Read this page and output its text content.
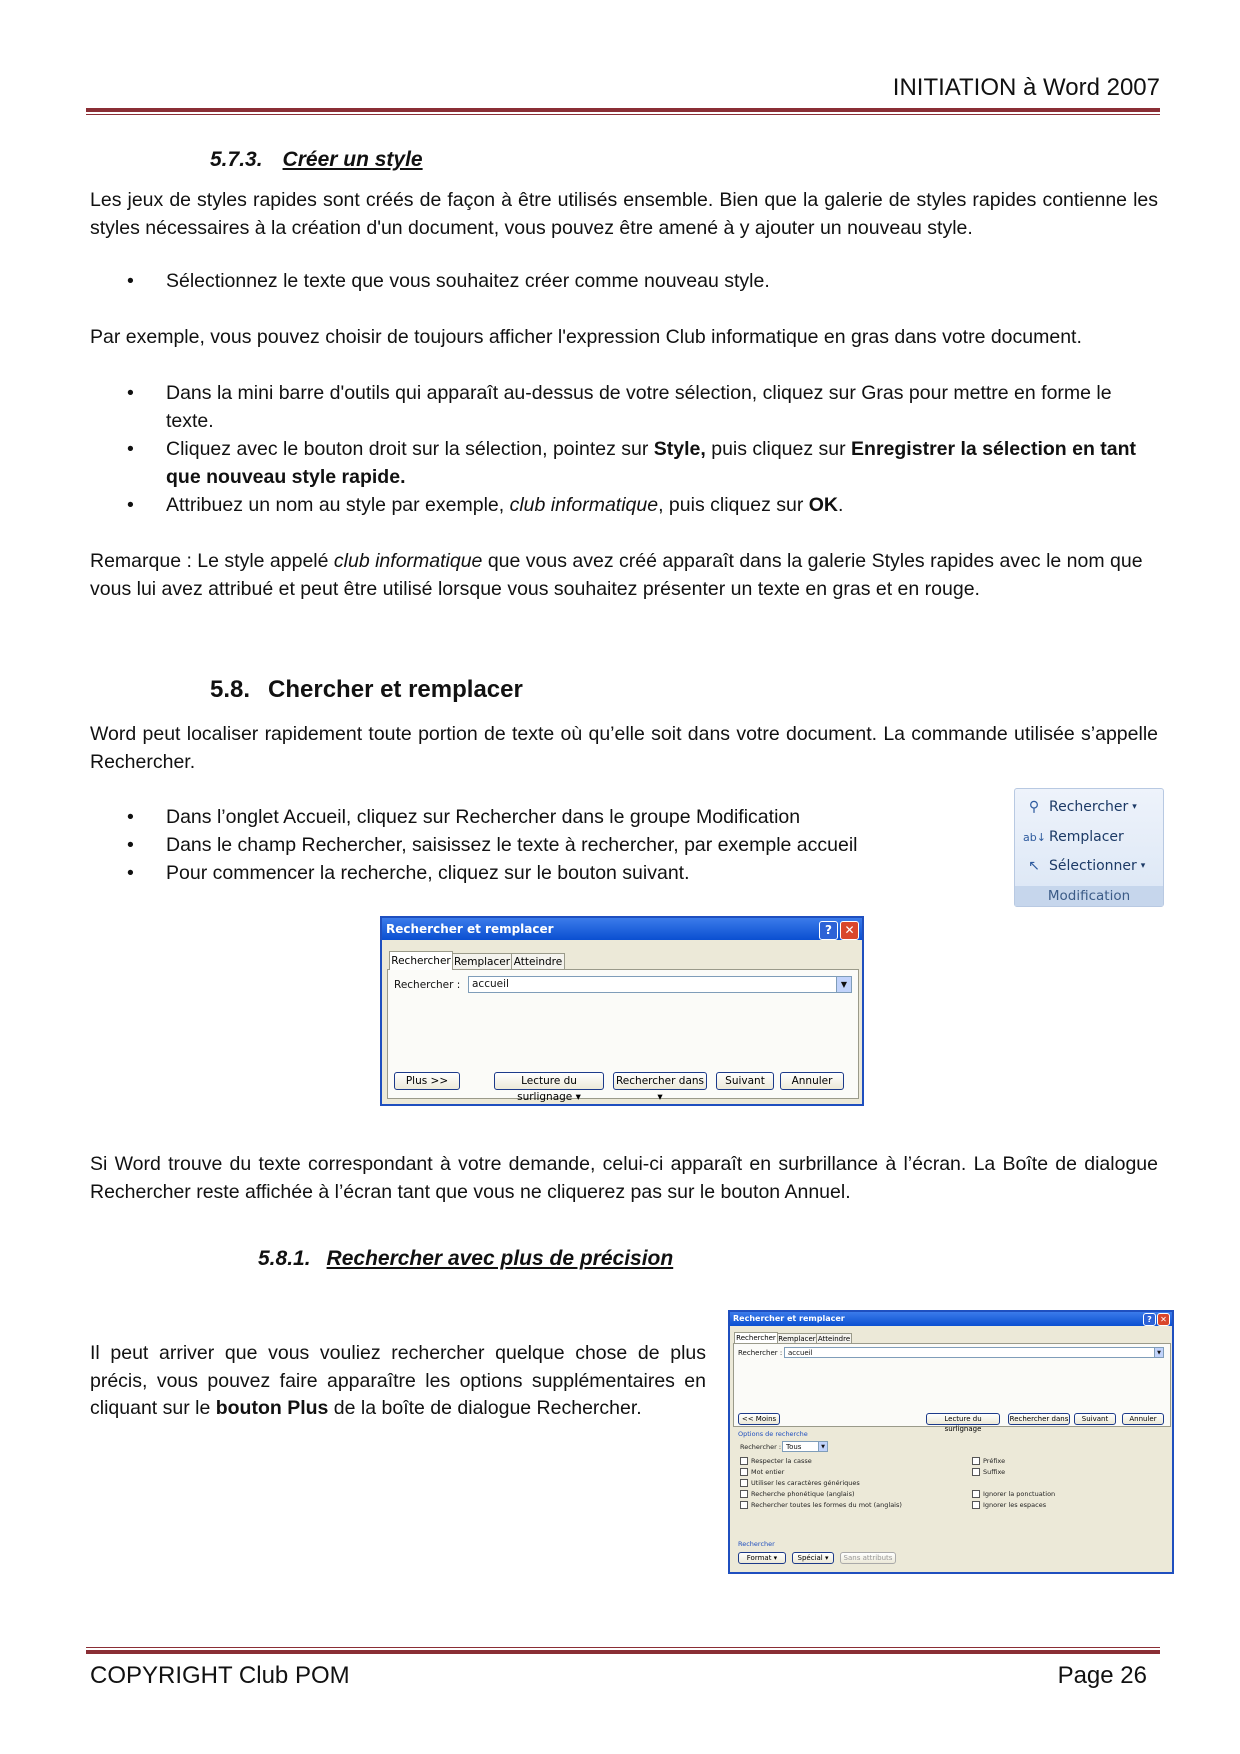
INITIATION à Word 2007
5.7.3. Créer un style

Les jeux de styles rapides sont créés de façon à être utilisés ensemble. Bien que la galerie de styles rapides contienne les styles nécessaires à la création d'un document, vous pouvez être amené à y ajouter un nouveau style.

• Sélectionnez le texte que vous souhaitez créer comme nouveau style.

Par exemple, vous pouvez choisir de toujours afficher l'expression Club informatique en gras dans votre document.

• Dans la mini barre d'outils qui apparaît au-dessus de votre sélection, cliquez sur Gras pour mettre en forme le texte.
• Cliquez avec le bouton droit sur la sélection, pointez sur Style, puis cliquez sur Enregistrer la sélection en tant que nouveau style rapide.
• Attribuez un nom au style par exemple, club informatique, puis cliquez sur OK.

Remarque : Le style appelé club informatique que vous avez créé apparaît dans la galerie Styles rapides avec le nom que vous lui avez attribué et peut être utilisé lorsque vous souhaitez présenter un texte en gras et en rouge.

5.8. Chercher et remplacer

Word peut localiser rapidement toute portion de texte où qu’elle soit dans votre document. La commande utilisée s’appelle Rechercher.

• Dans l’onglet Accueil, cliquez sur Rechercher dans le groupe Modification
• Dans le champ Rechercher, saisissez le texte à rechercher, par exemple accueil
• Pour commencer la recherche, cliquez sur le bouton suivant.
⚲ Rechercher ▾
ab↓ Remplacer
↖ Sélectionner ▾
Modification
Rechercher et remplacer	?	✕
Rechercher Remplacer Atteindre
Rechercher :	accueil	▼
Plus >>	Lecture du surlignage ▾
Rechercher dans ▾
Suivant	Annuler

Si Word trouve du texte correspondant à votre demande, celui-ci apparaît en surbrillance à l’écran. La Boîte de dialogue Rechercher reste affichée à l’écran tant que vous ne cliquerez pas sur le bouton Annuel.

5.8.1. Rechercher avec plus de précision

Il peut arriver que vous vouliez rechercher quelque chose de plus précis, vous pouvez faire apparaître les options supplémentaires en cliquant sur le bouton Plus de la boîte de dialogue Rechercher.

Rechercher et remplacer	?	✕
Rechercher Remplacer Atteindre
Rechercher : accueil	▼
<< Moins	Lecture du surlignage
Rechercher dans	Suivant	Annuler
Options de recherche
Rechercher : Tous	▼
Respecter la casse
Mot entier
Utiliser les caractères génériques
Recherche phonétique (anglais)
Rechercher toutes les formes du mot (anglais)
Préfixe
Suffixe
Ignorer la ponctuation
Ignorer les espaces
Rechercher
Format ▾	Spécial ▾	Sans attributs
COPYRIGHT Club POM	Page 26
